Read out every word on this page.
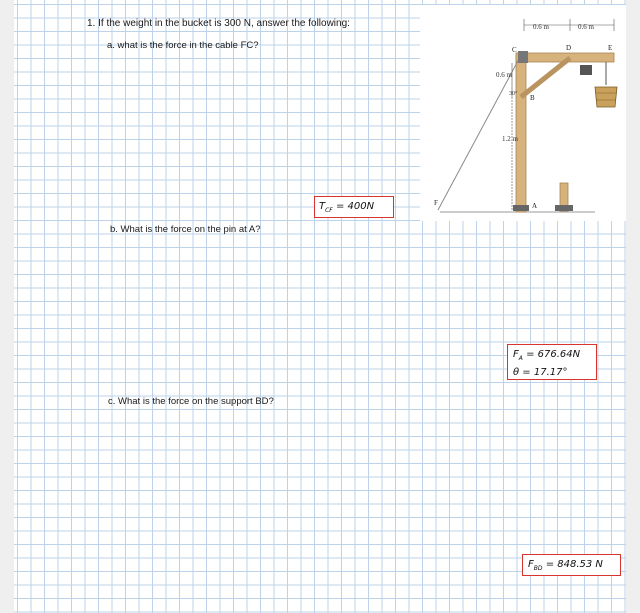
1. If the weight in the bucket is 300 N, answer the following:
a. what is the force in the cable FC?
b. What is the force on the pin at A?
c. What is the force on the support BD?
0.6 m	0.6 m
0.6 m
1.2 m
30°
C	D	E
B
A
F
$T_{CF} = 400N$
$F_A = 676.64N$
θ = 17.17°
$F_{BD} = 848.53$ N
